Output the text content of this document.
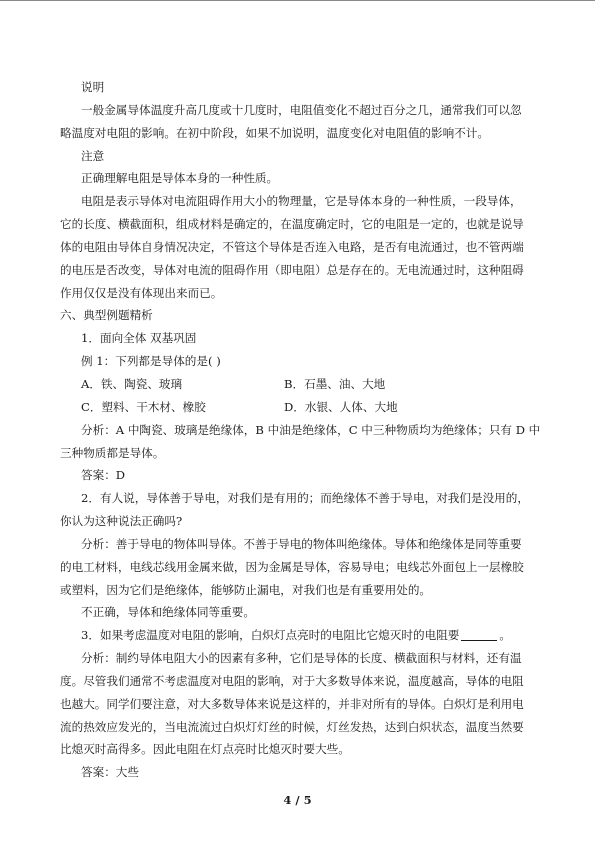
说明
一般金属导体温度升高几度或十几度时，电阻值变化不超过百分之几，通常我们可以忽
略温度对电阻的影响。在初中阶段，如果不加说明，温度变化对电阻值的影响不计。
注意
正确理解电阻是导体本身的一种性质。
电阻是表示导体对电流阻碍作用大小的物理量，它是导体本身的一种性质，一段导体，
它的长度、横截面积，组成材料是确定的，在温度确定时，它的电阻是一定的，也就是说导
体的电阻由导体自身情况决定，不管这个导体是否连入电路，是否有电流通过，也不管两端
的电压是否改变，导体对电流的阻碍作用（即电阻）总是存在的。无电流通过时，这种阻碍
作用仅仅是没有体现出来而已。
六、典型例题精析
1．面向全体 双基巩固
例 1：下列都是导体的是( )
A．铁、陶瓷、玻璃	B．石墨、油、大地
C．塑料、干木材、橡胶	D．水银、人体、大地
分析：A 中陶瓷、玻璃是绝缘体，B 中油是绝缘体，C 中三种物质均为绝缘体；只有 D 中
三种物质都是导体。
答案：D
2．有人说，导体善于导电，对我们是有用的；而绝缘体不善于导电，对我们是没用的，
你认为这种说法正确吗?
分析：善于导电的物体叫导体。不善于导电的物体叫绝缘体。导体和绝缘体是同等重要
的电工材料，电线芯线用金属来做，因为金属是导体，容易导电；电线芯外面包上一层橡胶
或塑料，因为它们是绝缘体，能够防止漏电，对我们也是有重要用处的。
不正确，导体和绝缘体同等重要。
3．如果考虑温度对电阻的影响，白炽灯点亮时的电阻比它熄灭时的电阻要	。
分析：制约导体电阻大小的因素有多种，它们是导体的长度、横截面积与材料，还有温
度。尽管我们通常不考虑温度对电阻的影响，对于大多数导体来说，温度越高，导体的电阻
也越大。同学们要注意，对大多数导体来说是这样的，并非对所有的导体。白炽灯是利用电
流的热效应发光的，当电流流过白炽灯灯丝的时候，灯丝发热，达到白炽状态，温度当然要
比熄灭时高得多。因此电阻在灯点亮时比熄灭时要大些。
答案：大些
4 / 5
